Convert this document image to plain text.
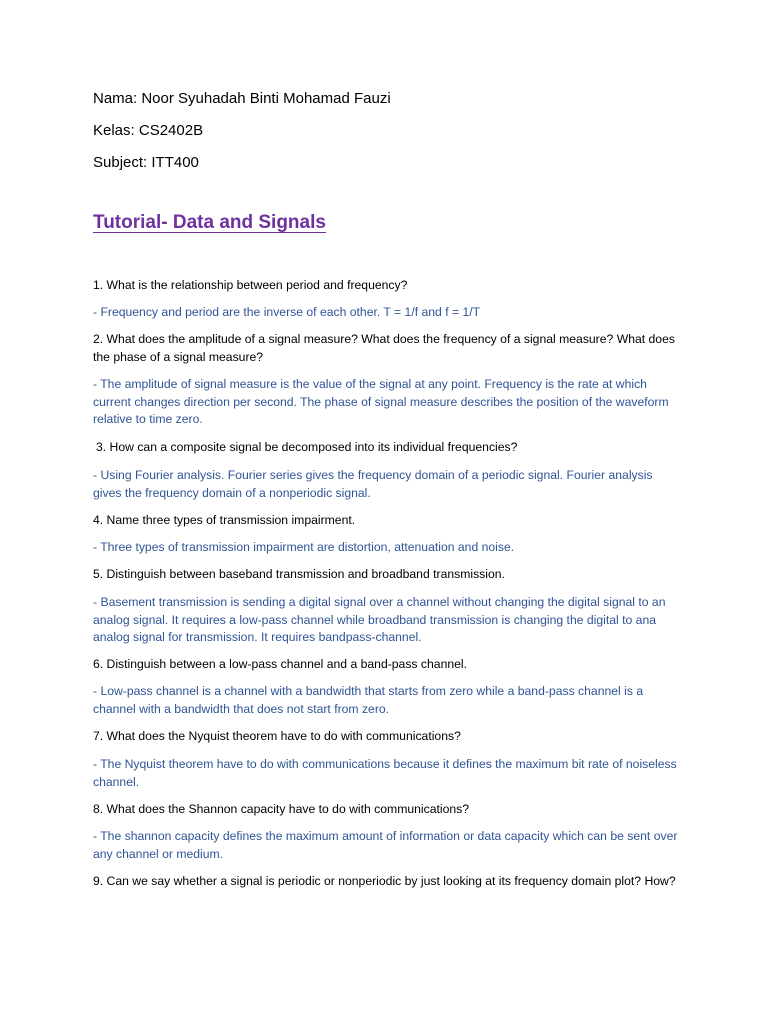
Nama: Noor Syuhadah Binti Mohamad Fauzi
Kelas: CS2402B
Subject: ITT400
Tutorial- Data and Signals
1. What is the relationship between period and frequency?
- Frequency and period are the inverse of each other. T = 1/f and f = 1/T
2. What does the amplitude of a signal measure? What does the frequency of a signal measure? What does the phase of a signal measure?
- The amplitude of signal measure is the value of the signal at any point. Frequency is the rate at which current changes direction per second. The phase of signal measure describes the position of the waveform relative to time zero.
3. How can a composite signal be decomposed into its individual frequencies?
- Using Fourier analysis. Fourier series gives the frequency domain of a periodic signal. Fourier analysis gives the frequency domain of a nonperiodic signal.
4. Name three types of transmission impairment.
- Three types of transmission impairment are distortion, attenuation and noise.
5. Distinguish between baseband transmission and broadband transmission.
- Basement transmission is sending a digital signal over a channel without changing the digital signal to an analog signal. It requires a low-pass channel while broadband transmission is changing the digital to ana analog signal for transmission. It requires bandpass-channel.
6. Distinguish between a low-pass channel and a band-pass channel.
- Low-pass channel is a channel with a bandwidth that starts from zero while a band-pass channel is a channel with a bandwidth that does not start from zero.
7. What does the Nyquist theorem have to do with communications?
- The Nyquist theorem have to do with communications because it defines the maximum bit rate of noiseless channel.
8. What does the Shannon capacity have to do with communications?
- The shannon capacity defines the maximum amount of information or data capacity which can be sent over any channel or medium.
9. Can we say whether a signal is periodic or nonperiodic by just looking at its frequency domain plot? How?
